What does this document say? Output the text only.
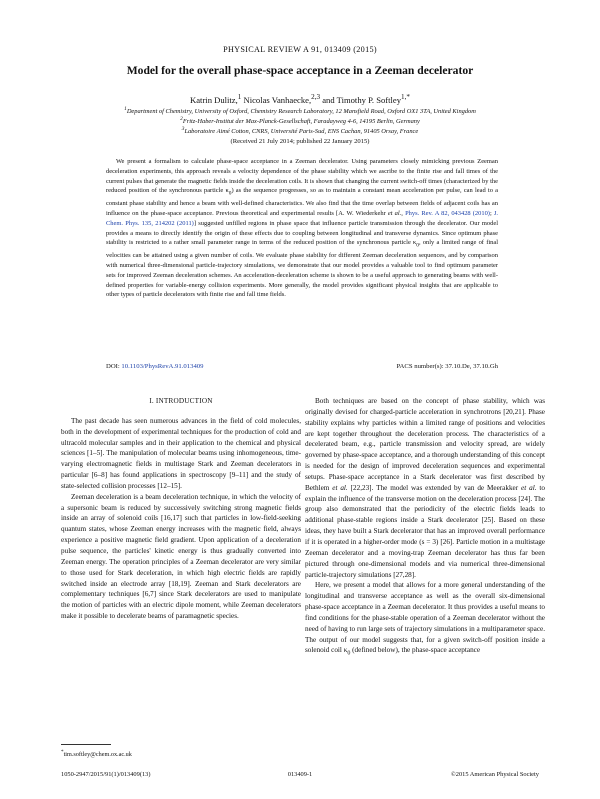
PHYSICAL REVIEW A 91, 013409 (2015)
Model for the overall phase-space acceptance in a Zeeman decelerator
Katrin Dulitz,$^1$ Nicolas Vanhaecke,$^{2,3}$ and Timothy P. Softley$^{1,*}$
$^1$Department of Chemistry, University of Oxford, Chemistry Research Laboratory, 12 Mansfield Road, Oxford OX1 3TA, United Kingdom
$^2$Fritz-Haber-Institut der Max-Planck-Gesellschaft, Faradayweg 4-6, 14195 Berlin, Germany
$^3$Laboratoire Aimé Cotton, CNRS, Université Paris-Sud, ENS Cachan, 91405 Orsay, France
(Received 21 July 2014; published 22 January 2015)

We present a formalism to calculate phase-space acceptance in a Zeeman decelerator. Using parameters closely mimicking previous Zeeman deceleration experiments, this approach reveals a velocity dependence of the phase stability which we ascribe to the finite rise and fall times of the current pulses that generate the magnetic fields inside the deceleration coils. It is shown that changing the current switch-off times (characterized by the reduced position of the synchronous particle $\kappa_0$) as the sequence progresses, so as to maintain a constant mean acceleration per pulse, can lead to a constant phase stability and hence a beam with well-defined characteristics. We also find that the time overlap between fields of adjacent coils has an influence on the phase-space acceptance. Previous theoretical and experimental results [A. W. Wiederkehr et al., Phys. Rev. A 82, 043428 (2010); J. Chem. Phys. 135, 214202 (2011)] suggested unfilled regions in phase space that influence particle transmission through the decelerator. Our model provides a means to directly identify the origin of these effects due to coupling between longitudinal and transverse dynamics. Since optimum phase stability is restricted to a rather small parameter range in terms of the reduced position of the synchronous particle $\kappa_0$, only a limited range of final velocities can be attained using a given number of coils. We evaluate phase stability for different Zeeman deceleration sequences, and by comparison with numerical three-dimensional particle-trajectory simulations, we demonstrate that our model provides a valuable tool to find optimum parameter sets for improved Zeeman deceleration schemes. An acceleration-deceleration scheme is shown to be a useful approach to generating beams with well-defined properties for variable-energy collision experiments. More generally, the model provides significant physical insights that are applicable to other types of particle decelerators with finite rise and fall time fields.

DOI: 10.1103/PhysRevA.91.013409	PACS number(s): 37.10.De, 37.10.Gh
I. INTRODUCTION

The past decade has seen numerous advances in the field of cold molecules, both in the development of experimental techniques for the production of cold and ultracold molecular samples and in their application to the chemical and physical sciences [1–5]. The manipulation of molecular beams using inhomogeneous, time-varying electromagnetic fields in multistage Stark and Zeeman decelerators in particular [6–8] has found applications in spectroscopy [9–11] and the study of state-selected collision processes [12–15].

Zeeman deceleration is a beam deceleration technique, in which the velocity of a supersonic beam is reduced by successively switching strong magnetic fields inside an array of solenoid coils [16,17] such that particles in low-field-seeking quantum states, whose Zeeman energy increases with the magnetic field, always experience a positive magnetic field gradient. Upon application of a deceleration pulse sequence, the particles' kinetic energy is thus gradually converted into Zeeman energy. The operation principles of a Zeeman decelerator are very similar to those used for Stark deceleration, in which high electric fields are rapidly switched inside an electrode array [18,19]. Zeeman and Stark decelerators are complementary techniques [6,7] since Stark decelerators are used to manipulate the motion of particles with an electric dipole moment, while Zeeman decelerators make it possible to decelerate beams of paramagnetic species.

Both techniques are based on the concept of phase stability, which was originally devised for charged-particle acceleration in synchrotrons [20,21]. Phase stability explains why particles within a limited range of positions and velocities are kept together throughout the deceleration process. The characteristics of a decelerated beam, e.g., particle transmission and velocity spread, are widely governed by phase-space acceptance, and a thorough understanding of this concept is needed for the design of improved deceleration sequences and experimental setups. Phase-space acceptance in a Stark decelerator was first described by Bethlem et al. [22,23]. The model was extended by van de Meerakker et al. to explain the influence of the transverse motion on the deceleration process [24]. The group also demonstrated that the periodicity of the electric fields leads to additional phase-stable regions inside a Stark decelerator [25]. Based on these ideas, they have built a Stark decelerator that has an improved overall performance if it is operated in a higher-order mode (s = 3) [26]. Particle motion in a multistage Zeeman decelerator and a moving-trap Zeeman decelerator has thus far been pictured through one-dimensional models and via numerical three-dimensional particle-trajectory simulations [27,28].

Here, we present a model that allows for a more general understanding of the longitudinal and transverse acceptance as well as the overall six-dimensional phase-space acceptance in a Zeeman decelerator. It thus provides a useful means to find conditions for the phase-stable operation of a Zeeman decelerator without the need of having to run large sets of trajectory simulations in a multiparameter space. The output of our model suggests that, for a given switch-off position inside a solenoid coil $\kappa_0$ (defined below), the phase-space acceptance

*tim.softley@chem.ox.ac.uk
1050-2947/2015/91(1)/013409(13)	013409-1	©2015 American Physical Society
